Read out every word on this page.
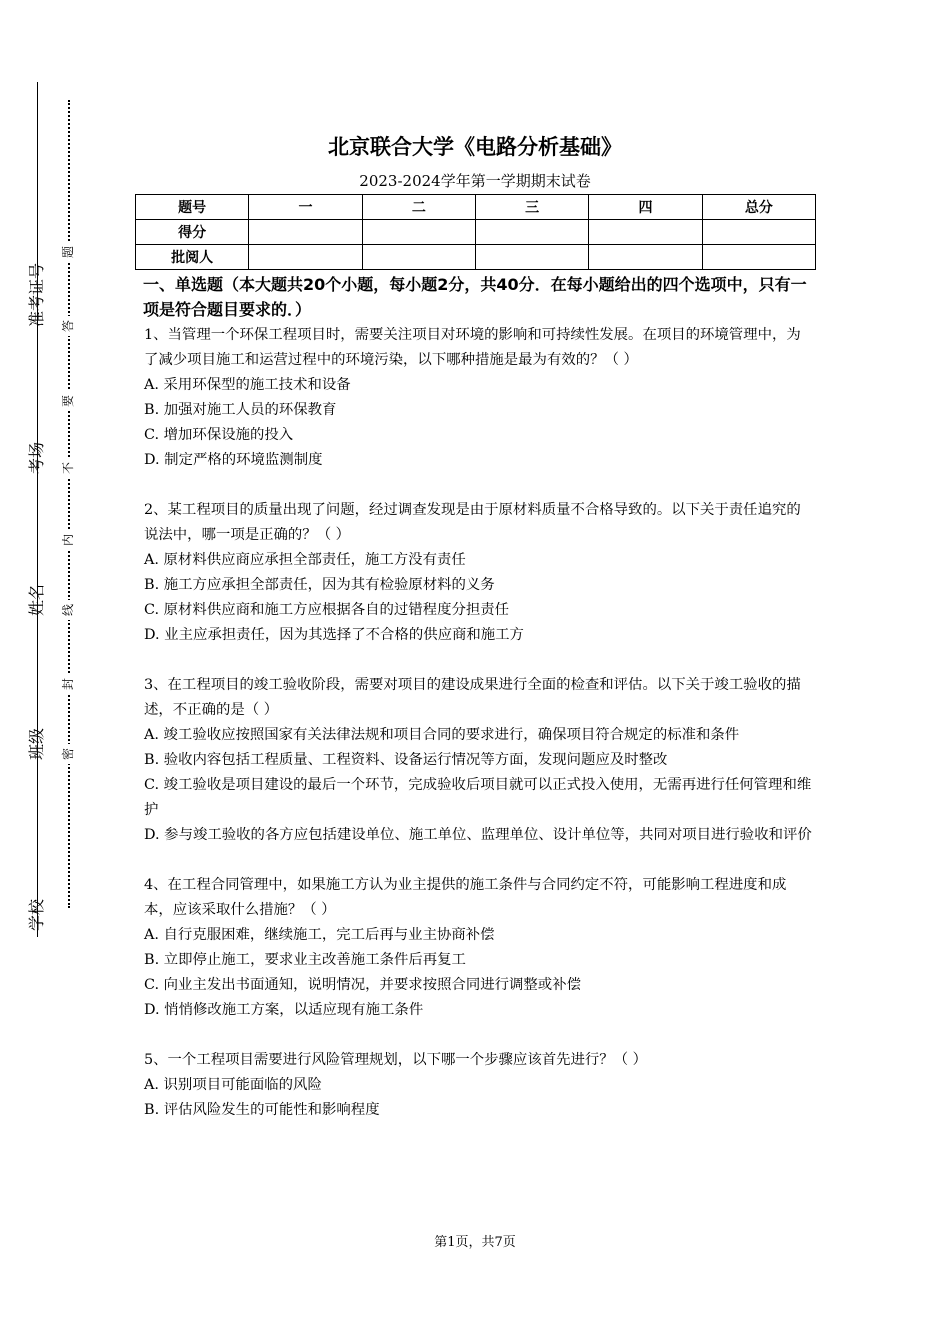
准考证号
考场
姓名
班级
学校
题
答
要
不
内
线
封
密
北京联合大学《电路分析基础》
2023-2024学年第一学期期末试卷
题号	一	二	三	四	总分
得分					
批阅人					

一、单选题（本大题共20个小题，每小题2分，共40分．在每小题给出的四个选项中，只有一项是符合题目要求的．）

1、当管理一个环保工程项目时，需要关注项目对环境的影响和可持续性发展。在项目的环境管理中，为了减少项目施工和运营过程中的环境污染，以下哪种措施是最为有效的？（ ）

A. 采用环保型的施工技术和设备

B. 加强对施工人员的环保教育

C. 增加环保设施的投入

D. 制定严格的环境监测制度

2、某工程项目的质量出现了问题，经过调查发现是由于原材料质量不合格导致的。以下关于责任追究的说法中，哪一项是正确的？（ ）

A. 原材料供应商应承担全部责任，施工方没有责任

B. 施工方应承担全部责任，因为其有检验原材料的义务

C. 原材料供应商和施工方应根据各自的过错程度分担责任

D. 业主应承担责任，因为其选择了不合格的供应商和施工方

3、在工程项目的竣工验收阶段，需要对项目的建设成果进行全面的检查和评估。以下关于竣工验收的描述，不正确的是（ ）

A. 竣工验收应按照国家有关法律法规和项目合同的要求进行，确保项目符合规定的标准和条件

B. 验收内容包括工程质量、工程资料、设备运行情况等方面，发现问题应及时整改

C. 竣工验收是项目建设的最后一个环节，完成验收后项目就可以正式投入使用，无需再进行任何管理和维护

D. 参与竣工验收的各方应包括建设单位、施工单位、监理单位、设计单位等，共同对项目进行验收和评价

4、在工程合同管理中，如果施工方认为业主提供的施工条件与合同约定不符，可能影响工程进度和成本，应该采取什么措施？（ ）

A. 自行克服困难，继续施工，完工后再与业主协商补偿

B. 立即停止施工，要求业主改善施工条件后再复工

C. 向业主发出书面通知，说明情况，并要求按照合同进行调整或补偿

D. 悄悄修改施工方案，以适应现有施工条件

5、一个工程项目需要进行风险管理规划，以下哪一个步骤应该首先进行？（ ）

A. 识别项目可能面临的风险

B. 评估风险发生的可能性和影响程度

第1页，共7页
